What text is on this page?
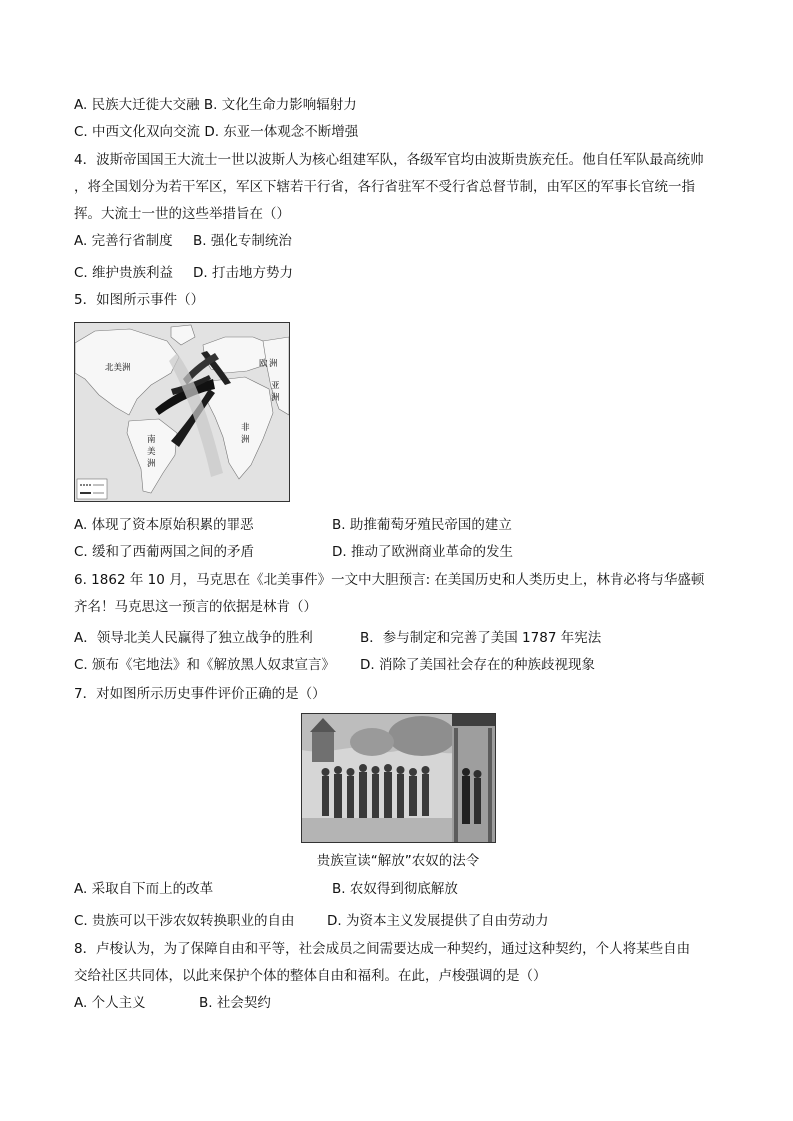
A. 民族大迁徙大交融 B. 文化生命力影响辐射力
C. 中西文化双向交流 D. 东亚一体观念不断增强
4．波斯帝国国王大流士一世以波斯人为核心组建军队，各级军官均由波斯贵族充任。他自任军队最高统帅
，将全国划分为若干军区，军区下辖若干行省，各行省驻军不受行省总督节制，由军区的军事长官统一指
挥。大流士一世的这些举措旨在（）
A. 完善行省制度 B. 强化专制统治
C. 维护贵族利益 D. 打击地方势力
5．如图所示事件（）
北美洲	欧 洲
亚
洲
非
洲
南
美
洲
A. 体现了资本原始积累的罪恶	B. 助推葡萄牙殖民帝国的建立
C. 缓和了西葡两国之间的矛盾	D. 推动了欧洲商业革命的发生
6. 1862 年 10 月，马克思在《北美事件》一文中大胆预言: 在美国历史和人类历史上，林肯必将与华盛顿
齐名！马克思这一预言的依据是林肯（）
A．领导北美人民赢得了独立战争的胜利	B．参与制定和完善了美国 1787 年宪法
C. 颁布《宅地法》和《解放黑人奴隶宣言》 D. 消除了美国社会存在的种族歧视现象
7．对如图所示历史事件评价正确的是（）
贵族宣读“解放”农奴的法令
A. 采取自下而上的改革	B. 农奴得到彻底解放
C. 贵族可以干涉农奴转换职业的自由 D. 为资本主义发展提供了自由劳动力
8．卢梭认为，为了保障自由和平等，社会成员之间需要达成一种契约，通过这种契约，个人将某些自由
交给社区共同体，以此来保护个体的整体自由和福利。在此，卢梭强调的是（）
A. 个人主义	B. 社会契约
